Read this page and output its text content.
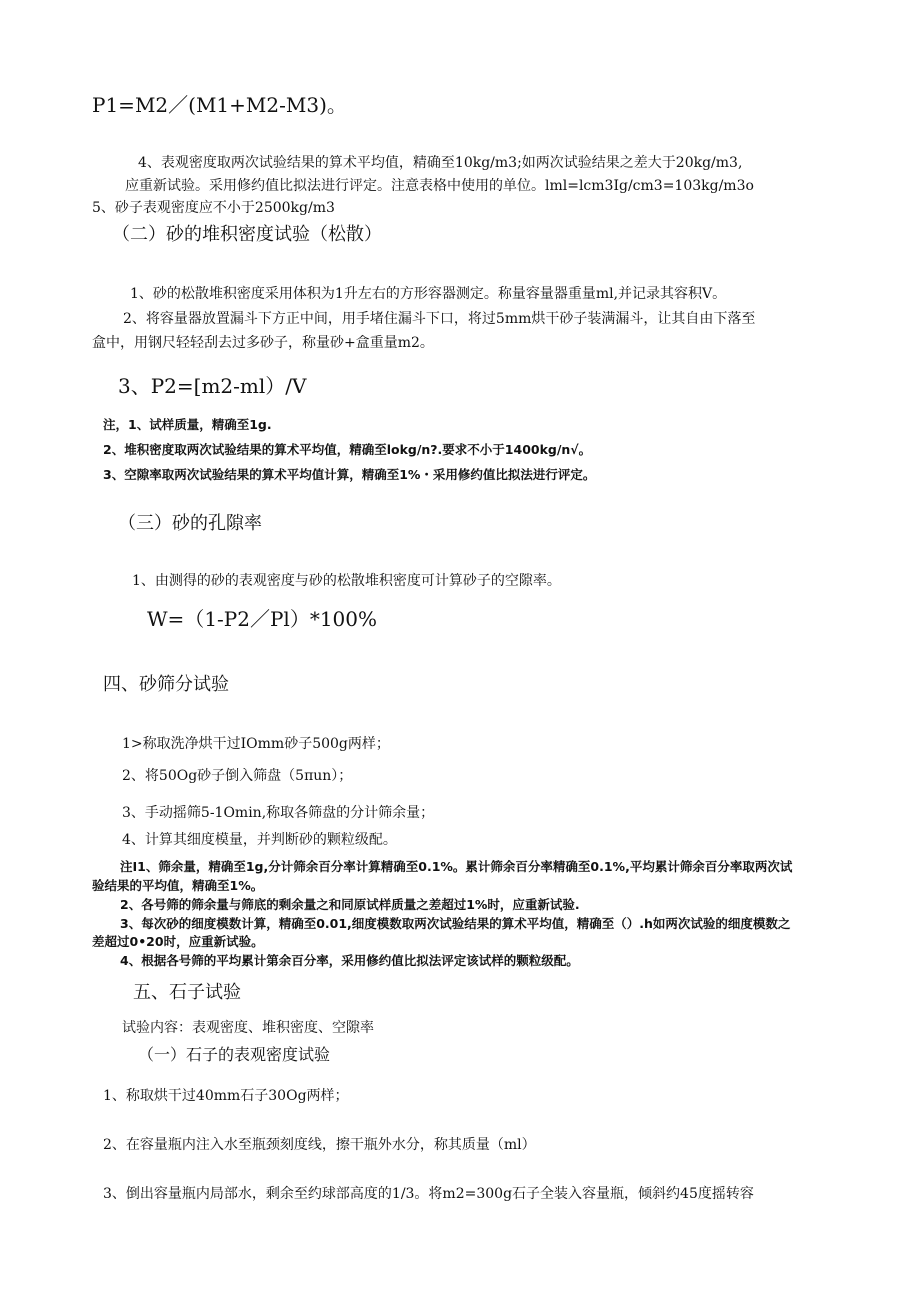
P1=M2／(M1+M2-M3)。
4、表观密度取两次试验结果的算术平均值，精确至10kg/m3;如两次试验结果之差大于20kg/m3,
应重新试验。采用修约值比拟法进行评定。注意表格中使用的单位。lml=lcm3Ig/cm3=103kg/m3o
5、砂子表观密度应不小于2500kg/m3
（二）砂的堆积密度试验（松散）
1、砂的松散堆积密度采用体积为1升左右的方形容器测定。称量容量器重量ml,并记录其容积V。
2、将容量器放置漏斗下方正中间，用手堵住漏斗下口，将过5mm烘干砂子装满漏斗，让其自由下落至
盒中，用钢尺轻轻刮去过多砂子，称量砂+盒重量m2。
3、P2=[m2-ml）/V
注，1、试样质量，精确至1g.
2、堆积密度取两次试验结果的算术平均值，精确至lokg/n?.要求不小于1400kg/n√。
3、空隙率取两次试验结果的算术平均值计算，精确至1%・采用修约值比拟法进行评定。
（三）砂的孔隙率
1、由测得的砂的表观密度与砂的松散堆积密度可计算砂子的空隙率。
W=（1-P2／Pl）*100%
四、砂筛分试验
1>称取洗净烘干过IOmm砂子500g两样；
2、将50Og砂子倒入筛盘（5πun）；
3、手动摇筛5-1Omin,称取各筛盘的分计筛余量；
4、计算其细度模量，并判断砂的颗粒级配。
注I1、筛余量，精确至1g,分计筛余百分率计算精确至0.1%。累计筛余百分率精确至0.1%,平均累计筛余百分率取两次试
验结果的平均值，精确至1%。
2、各号筛的筛余量与筛底的剩余量之和同原试样质量之差超过1%时，应重新试验.
3、每次砂的细度模数计算，精确至0.01,细度模数取两次试验结果的算术平均值，精确至（）.h如两次试验的细度模数之
差超过0•20时，应重新试验。
4、根据各号筛的平均累计第余百分率，采用修约值比拟法评定该试样的颗粒级配。
五、石子试验
试验内容：表观密度、堆积密度、空隙率
（一）石子的表观密度试验
1、称取烘干过40mm石子30Og两样；
2、在容量瓶内注入水至瓶颈刻度线，擦干瓶外水分，称其质量（ml）
3、倒出容量瓶内局部水，剩余至约球部高度的1/3。将m2=300g石子全装入容量瓶，倾斜约45度摇转容
